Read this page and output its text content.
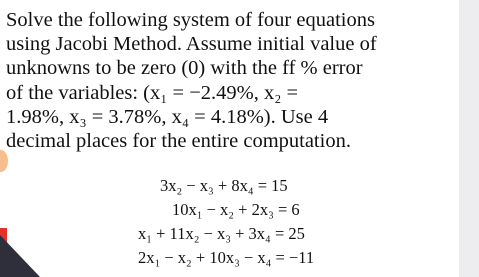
Solve the following system of four equations
using Jacobi Method. Assume initial value of
unknowns to be zero (0) with the ff % error
of the variables: (x₁ = −2.49%, x₂ =
1.98%, x₃ = 3.78%, x₄ = 4.18%). Use 4
decimal places for the entire computation.
3x₂ − x₃ + 8x₄ = 15
10x₁ − x₂ + 2x₃ = 6
x₁ + 11x₂ − x₃ + 3x₄ = 25
2x₁ − x₂ + 10x₃ − x₄ = −11
